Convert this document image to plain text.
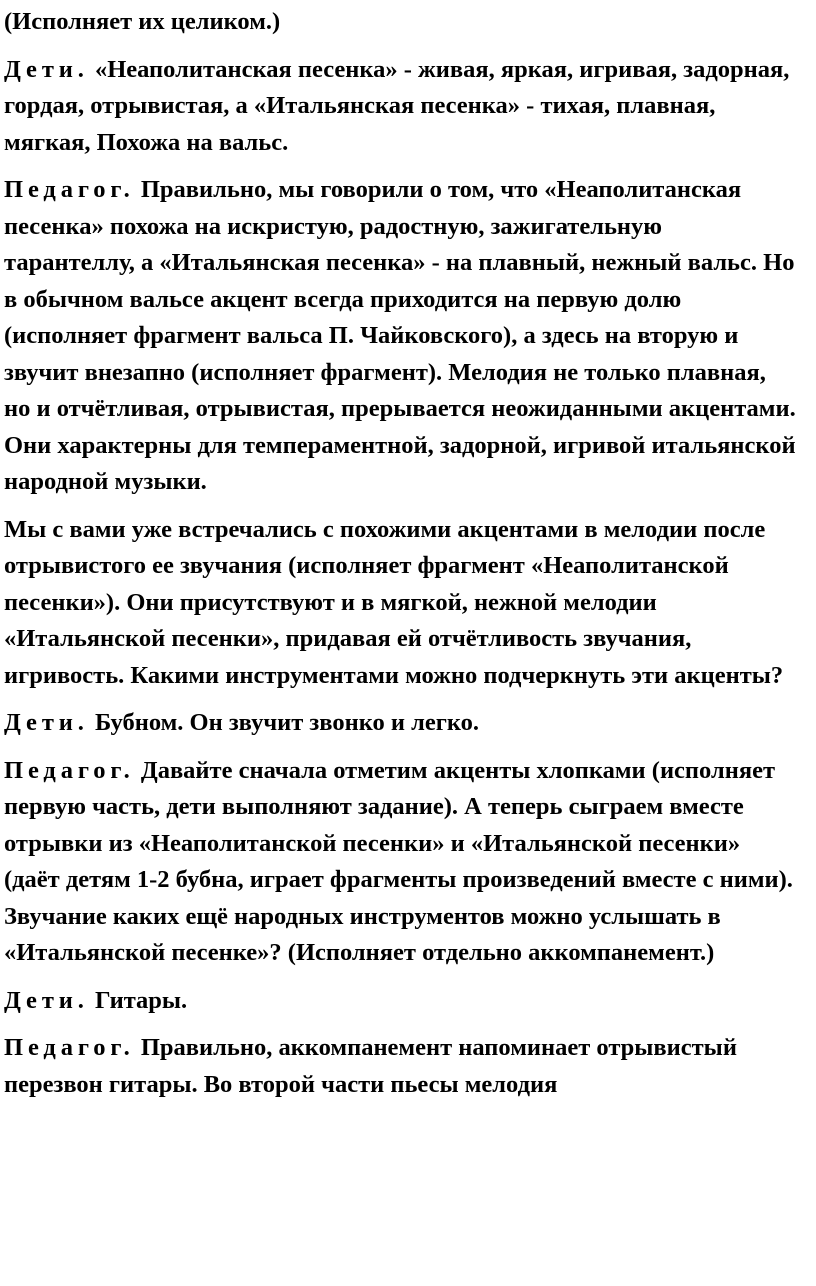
(Исполняет их целиком.)

Дети. «Неаполитанская песенка» - живая, яркая, игривая, задорная, гордая, отрывистая, а «Итальянская песенка» - тихая, плавная, мягкая, Похожа на вальс.

Педагог. Правильно, мы говорили о том, что «Неаполитанская песенка» похожа на искристую, радостную, зажигательную тарантеллу, а «Итальянская песенка» - на плавный, нежный вальс. Но в обычном вальсе акцент всегда приходится на первую долю (исполняет фрагмент вальса П. Чайковского), а здесь на вторую и звучит внезапно (исполняет фрагмент). Мелодия не только плавная, но и отчётливая, отрывистая, прерывается неожиданными акцентами. Они характерны для темпераментной, задорной, игривой итальянской народной музыки.

Мы с вами уже встречались с похожими акцентами в мелодии после отрывистого ее звучания (исполняет фрагмент «Неаполитанской песенки»). Они присутствуют и в мягкой, нежной мелодии «Итальянской песенки», придавая ей отчётливость звучания, игривость. Какими инструментами можно подчеркнуть эти акценты?

Дети. Бубном. Он звучит звонко и легко.

Педагог. Давайте сначала отметим акценты хлопками (исполняет первую часть, дети выполняют задание). А теперь сыграем вместе отрывки из «Неаполитанской песенки» и «Итальянской песенки» (даёт детям 1-2 бубна, играет фрагменты произведений вместе с ними). Звучание каких ещё народных инструментов можно услышать в «Итальянской песенке»? (Исполняет отдельно аккомпанемент.)

Дети. Гитары.

Педагог. Правильно, аккомпанемент напоминает отрывистый перезвон гитары. Во второй части пьесы мелодия
